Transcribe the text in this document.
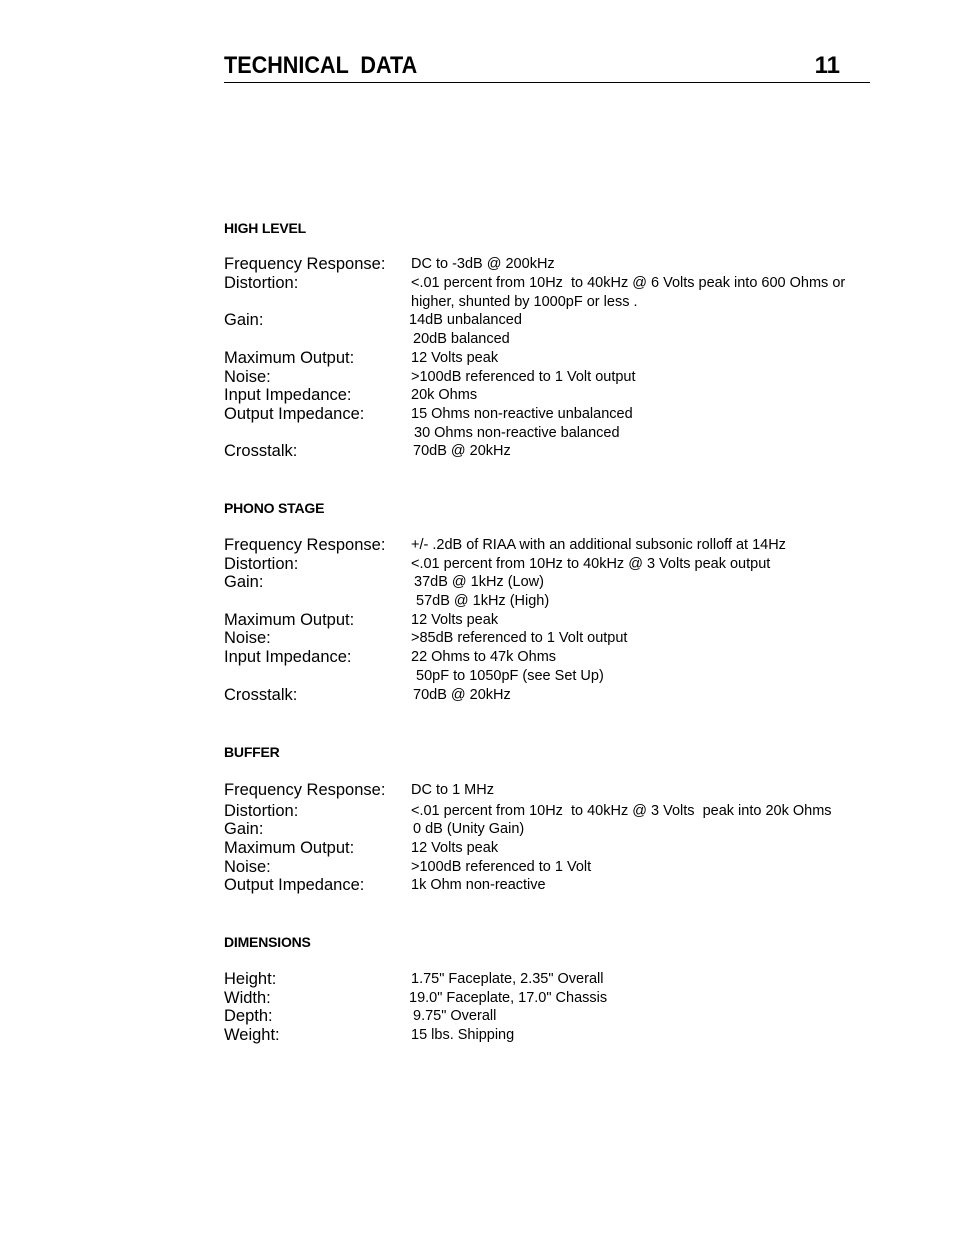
TECHNICAL  DATA	11
HIGH LEVEL
Frequency Response: DC to -3dB @ 200kHz
Distortion:	<.01 percent from 10Hz  to 40kHz @ 6 Volts peak into 600 Ohms or
higher, shunted by 1000pF or less .
Gain:	14dB unbalanced
20dB balanced
Maximum Output:	12 Volts peak
Noise:	>100dB referenced to 1 Volt output
Input Impedance:	20k Ohms
Output Impedance:	15 Ohms non-reactive unbalanced
30 Ohms non-reactive balanced
Crosstalk:	70dB @ 20kHz
PHONO STAGE
Frequency Response: +/- .2dB of RIAA with an additional subsonic rolloff at 14Hz
Distortion:	<.01 percent from 10Hz to 40kHz @ 3 Volts peak output
Gain:	37dB @ 1kHz (Low)
57dB @ 1kHz (High)
Maximum Output:	12 Volts peak
Noise:	>85dB referenced to 1 Volt output
Input Impedance:	22 Ohms to 47k Ohms
50pF to 1050pF (see Set Up)
Crosstalk:	70dB @ 20kHz
BUFFER
Frequency Response: DC to 1 MHz
Distortion:	<.01 percent from 10Hz  to 40kHz @ 3 Volts  peak into 20k Ohms
Gain:	0 dB (Unity Gain)
Maximum Output:	12 Volts peak
Noise:	>100dB referenced to 1 Volt
Output Impedance:	1k Ohm non-reactive
DIMENSIONS
Height:	1.75" Faceplate, 2.35" Overall
Width:	19.0" Faceplate, 17.0" Chassis
Depth:	9.75" Overall
Weight:	15 lbs. Shipping
